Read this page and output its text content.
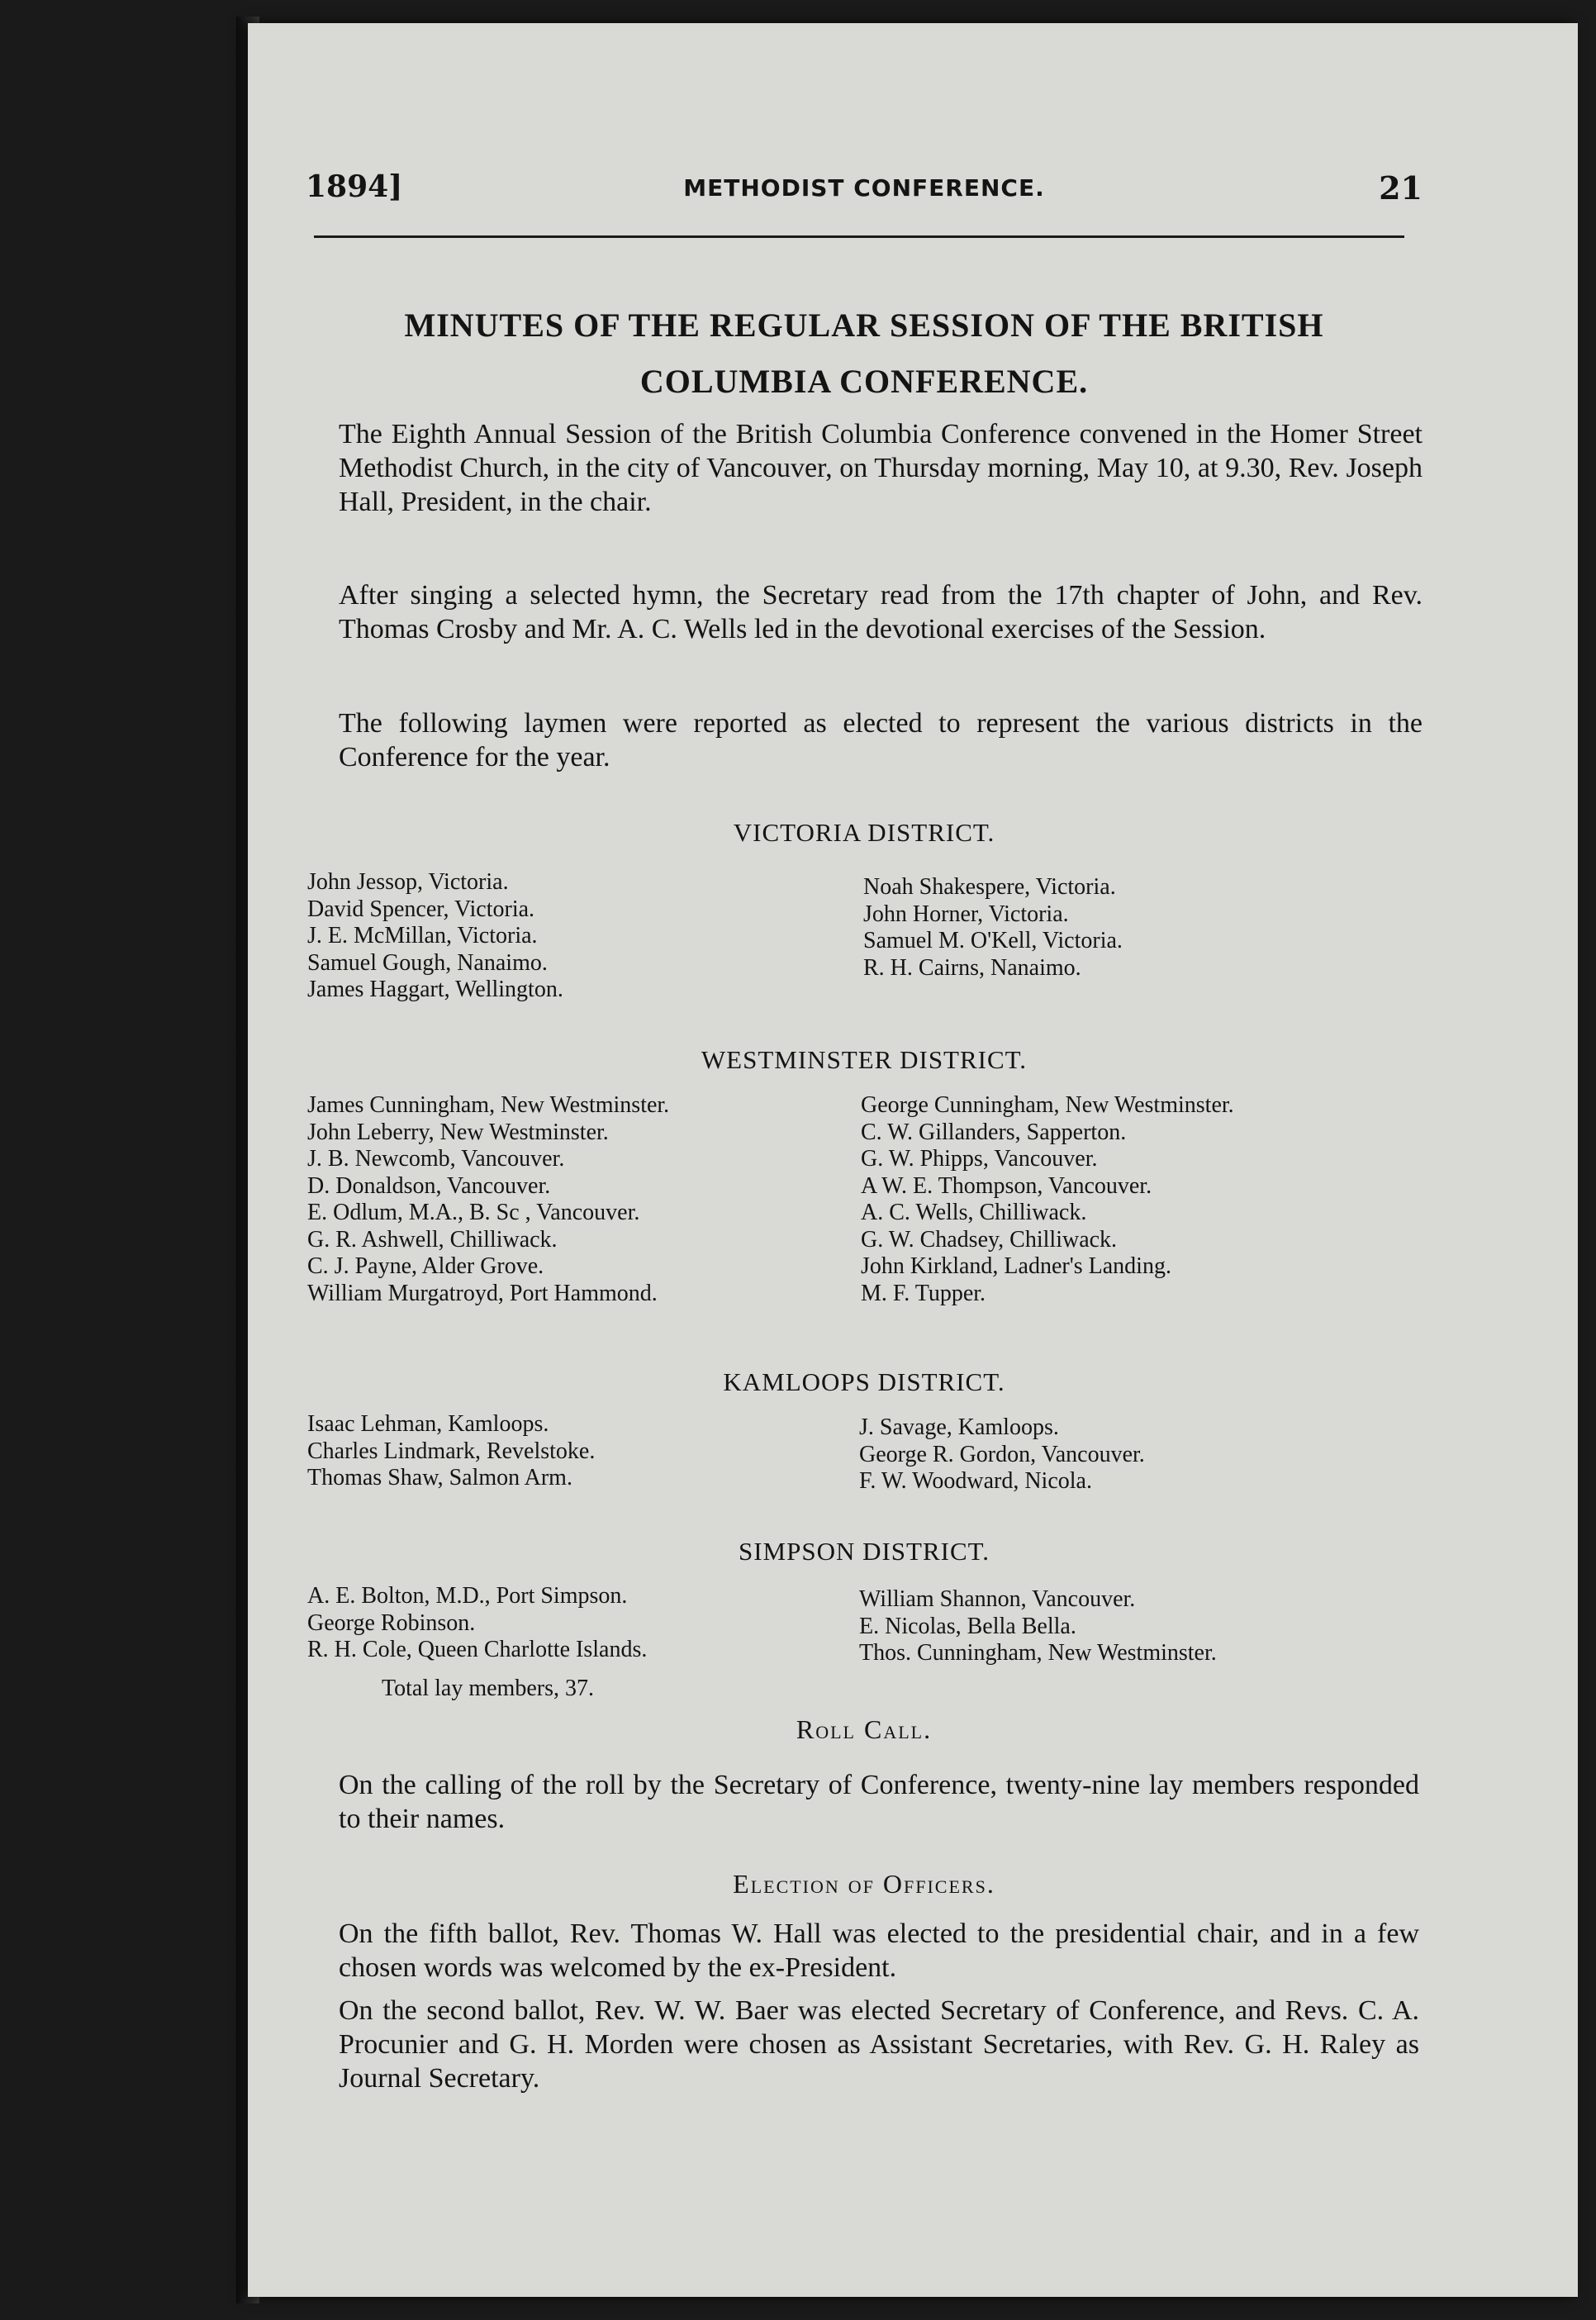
1894]	METHODIST CONFERENCE.	21
MINUTES OF THE REGULAR SESSION OF THE BRITISH
COLUMBIA CONFERENCE.
The Eighth Annual Session of the British Columbia Conference convened in the Homer Street Methodist Church, in the city of Vancouver, on Thursday morning, May 10, at 9.30, Rev. Joseph Hall, President, in the chair.
After singing a selected hymn, the Secretary read from the 17th chapter of John, and Rev. Thomas Crosby and Mr. A. C. Wells led in the devotional exercises of the Session.
The following laymen were reported as elected to represent the various districts in the Conference for the year.
VICTORIA DISTRICT.
John Jessop, Victoria.
David Spencer, Victoria.
J. E. McMillan, Victoria.
Samuel Gough, Nanaimo.
James Haggart, Wellington.
Noah Shakespere, Victoria.
John Horner, Victoria.
Samuel M. O'Kell, Victoria.
R. H. Cairns, Nanaimo.
WESTMINSTER DISTRICT.
James Cunningham, New Westminster.
John Leberry, New Westminster.
J. B. Newcomb, Vancouver.
D. Donaldson, Vancouver.
E. Odlum, M.A., B. Sc , Vancouver.
G. R. Ashwell, Chilliwack.
C. J. Payne, Alder Grove.
William Murgatroyd, Port Hammond.
George Cunningham, New Westminster.
C. W. Gillanders, Sapperton.
G. W. Phipps, Vancouver.
A W. E. Thompson, Vancouver.
A. C. Wells, Chilliwack.
G. W. Chadsey, Chilliwack.
John Kirkland, Ladner's Landing.
M. F. Tupper.
KAMLOOPS DISTRICT.
Isaac Lehman, Kamloops.
Charles Lindmark, Revelstoke.
Thomas Shaw, Salmon Arm.
J. Savage, Kamloops.
George R. Gordon, Vancouver.
F. W. Woodward, Nicola.
SIMPSON DISTRICT.
A. E. Bolton, M.D., Port Simpson.
George Robinson.
R. H. Cole, Queen Charlotte Islands.
William Shannon, Vancouver.
E. Nicolas, Bella Bella.
Thos. Cunningham, New Westminster.
Total lay members, 37.
Roll Call.
On the calling of the roll by the Secretary of Conference, twenty-nine lay members responded to their names.
Election of Officers.
On the fifth ballot, Rev. Thomas W. Hall was elected to the presidential chair, and in a few chosen words was welcomed by the ex-President.
On the second ballot, Rev. W. W. Baer was elected Secretary of Conference, and Revs. C. A. Procunier and G. H. Morden were chosen as Assistant Secretaries, with Rev. G. H. Raley as Journal Secretary.
